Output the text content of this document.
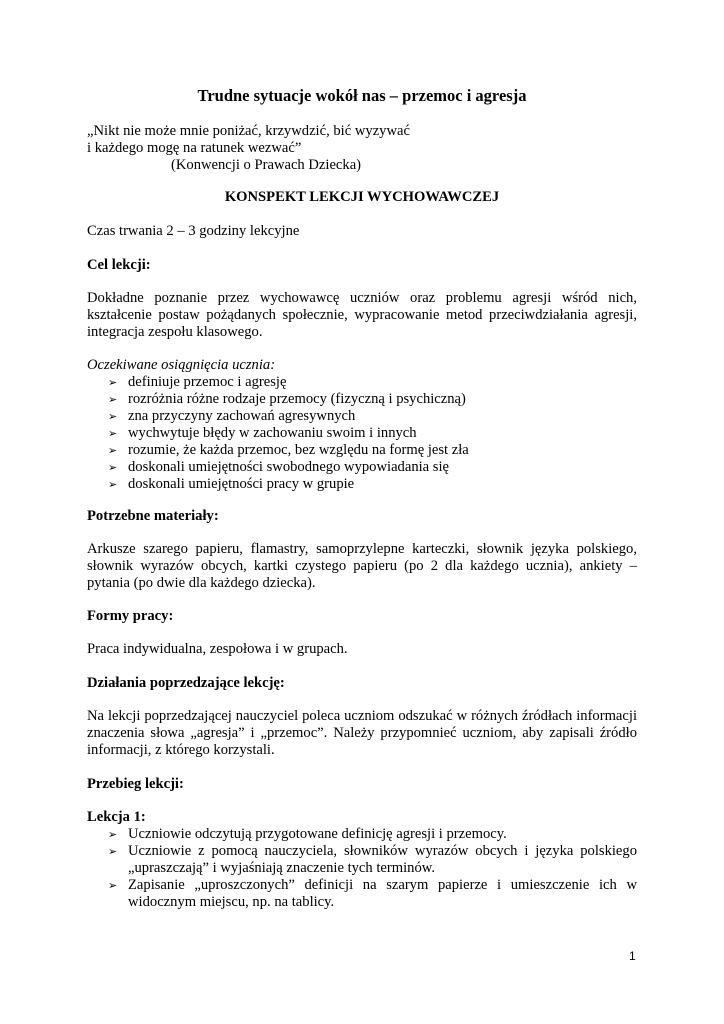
Trudne sytuacje wokół nas – przemoc i agresja
„Nikt nie może mnie poniżać, krzywdzić, bić wyzywać
i każdego mogę na ratunek wezwać”
(Konwencji o Prawach Dziecka)
KONSPEKT LEKCJI WYCHOWAWCZEJ
Czas trwania 2 – 3 godziny lekcyjne
Cel lekcji:
Dokładne poznanie przez wychowawcę uczniów oraz problemu agresji wśród nich, kształcenie postaw pożądanych społecznie, wypracowanie metod przeciwdziałania agresji, integracja zespołu klasowego.
Oczekiwane osiągnięcia ucznia:
➢ definiuje przemoc i agresję
➢ rozróżnia różne rodzaje przemocy (fizyczną i psychiczną)
➢ zna przyczyny zachowań agresywnych
➢ wychwytuje błędy w zachowaniu swoim i innych
➢ rozumie, że każda przemoc, bez względu na formę jest zła
➢ doskonali umiejętności swobodnego wypowiadania się
➢ doskonali umiejętności pracy w grupie
Potrzebne materiały:
Arkusze szarego papieru, flamastry, samoprzylepne karteczki, słownik języka polskiego, słownik wyrazów obcych, kartki czystego papieru (po 2 dla każdego ucznia), ankiety – pytania (po dwie dla każdego dziecka).
Formy pracy:
Praca indywidualna, zespołowa i w grupach.
Działania poprzedzające lekcję:
Na lekcji poprzedzającej nauczyciel poleca uczniom odszukać w różnych źródłach informacji znaczenia słowa „agresja” i „przemoc”. Należy przypomnieć uczniom, aby zapisali źródło informacji, z którego korzystali.
Przebieg lekcji:
Lekcja 1:
➢ Uczniowie odczytują przygotowane definicję agresji i przemocy.
➢ Uczniowie z pomocą nauczyciela, słowników wyrazów obcych i języka polskiego „upraszczają” i wyjaśniają znaczenie tych terminów.
➢ Zapisanie „uproszczonych” definicji na szarym papierze i umieszczenie ich w widocznym miejscu, np. na tablicy.
1
